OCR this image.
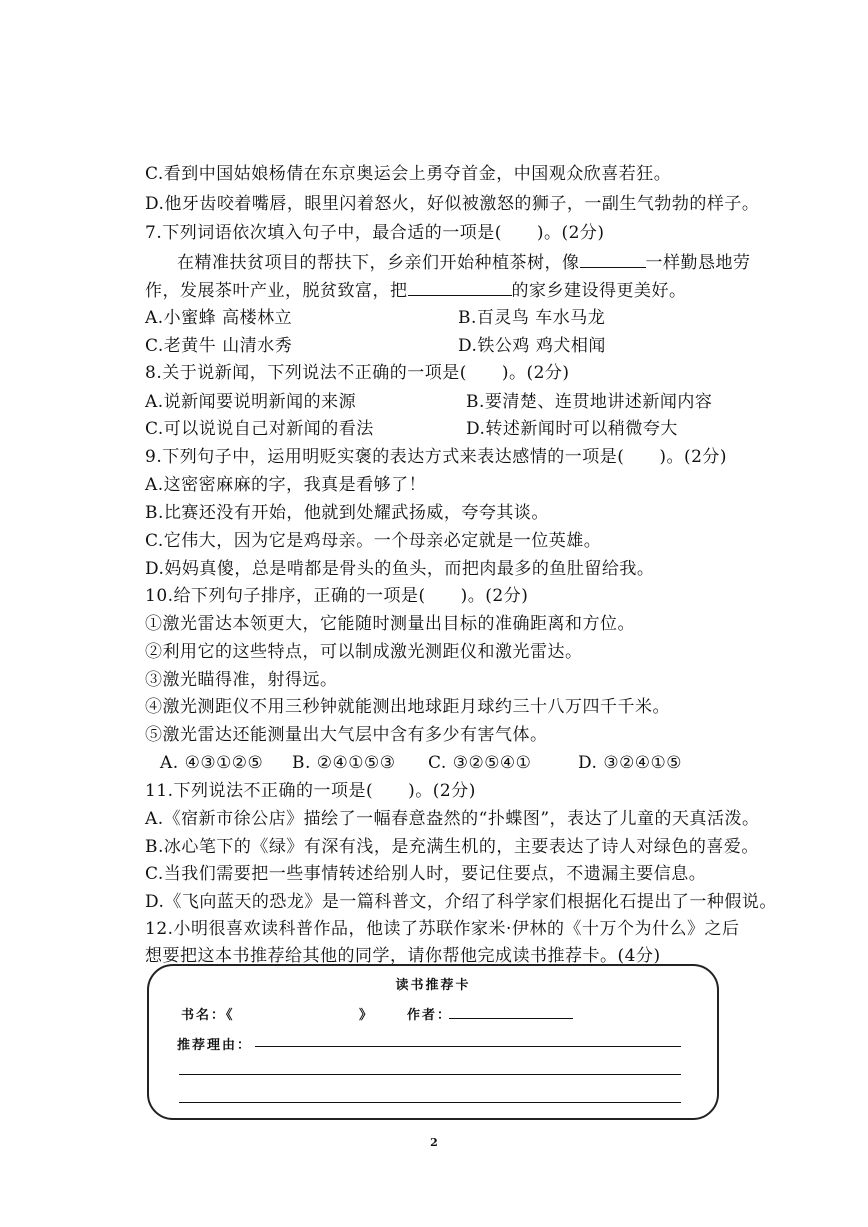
C.看到中国姑娘杨倩在东京奥运会上勇夺首金，中国观众欣喜若狂。
D.他牙齿咬着嘴唇，眼里闪着怒火，好似被激怒的狮子，一副生气勃勃的样子。
7.下列词语依次填入句子中，最合适的一项是(　　)。(2分)
在精准扶贫项目的帮扶下，乡亲们开始种植茶树，像	一样勤恳地劳
作，发展茶叶产业，脱贫致富，把	的家乡建设得更美好。
A.小蜜蜂 高楼林立	B.百灵鸟 车水马龙
C.老黄牛 山清水秀	D.铁公鸡 鸡犬相闻
8.关于说新闻，下列说法不正确的一项是(　　)。(2分)
A.说新闻要说明新闻的来源	B.要清楚、连贯地讲述新闻内容
C.可以说说自己对新闻的看法	D.转述新闻时可以稍微夸大
9.下列句子中，运用明贬实褒的表达方式来表达感情的一项是(　　)。(2分)
A.这密密麻麻的字，我真是看够了！
B.比赛还没有开始，他就到处耀武扬威，夸夸其谈。
C.它伟大，因为它是鸡母亲。一个母亲必定就是一位英雄。
D.妈妈真傻，总是啃都是骨头的鱼头，而把肉最多的鱼肚留给我。
10.给下列句子排序，正确的一项是(　　)。(2分)
①激光雷达本领更大，它能随时测量出目标的准确距离和方位。
②利用它的这些特点，可以制成激光测距仪和激光雷达。
③激光瞄得准，射得远。
④激光测距仪不用三秒钟就能测出地球距月球约三十八万四千千米。
⑤激光雷达还能测量出大气层中含有多少有害气体。
A. ④③①②⑤ B. ②④①⑤③ C. ③②⑤④①	D. ③②④①⑤
11.下列说法不正确的一项是(　　)。(2分)
A.《宿新市徐公店》描绘了一幅春意盎然的“扑蝶图”，表达了儿童的天真活泼。
B.冰心笔下的《绿》有深有浅，是充满生机的，主要表达了诗人对绿色的喜爱。
C.当我们需要把一些事情转述给别人时，要记住要点，不遗漏主要信息。
D.《飞向蓝天的恐龙》是一篇科普文，介绍了科学家们根据化石提出了一种假说。
12.小明很喜欢读科普作品，他读了苏联作家米·伊林的《十万个为什么》之后
想要把这本书推荐给其他的同学，请你帮他完成读书推荐卡。(4分)
读书推荐卡
书名：《	》	作者：
推荐理由：
2
